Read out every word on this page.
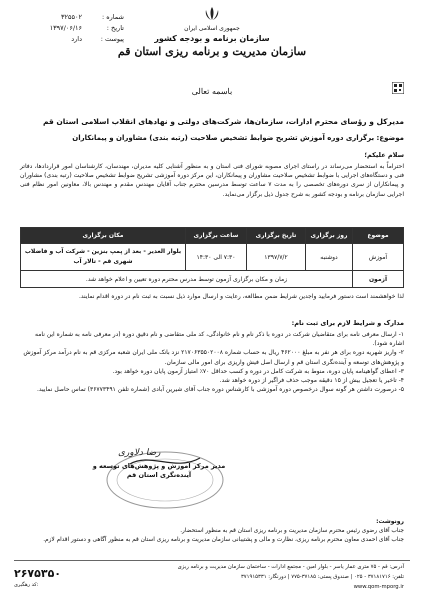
جمهوری اسلامی ایران
سازمان برنامه و بودجه کشور
سازمان مدیریت و برنامه ریزی استان قم
شماره :
۳۲۵۵۰۲
تاریخ :
۱۳۹۷/۰۶/۱۶
پیوست :
دارد
باسمه تعالی
مدیرکل و رؤسای محترم ادارات، سازمان‌ها، شرکت‌های دولتی و نهادهای انقلاب اسلامی استان قم
موضوع: برگزاری دوره آموزش تشریح ضوابط تشخیص صلاحیت (رتبه بندی) مشاوران و پیمانکاران
سلام علیکم؛
احتراماً به استحضار می‌رساند در راستای اجرای مصوبه شورای فنی استان و به منظور آشنایی کلیه مدیران، مهندسان، کارشناسان امور قراردادها، دفاتر فنی و دستگاه‌های اجرایی با ضوابط تشخیص صلاحیت مشاوران و پیمانکاران، این مرکز دوره آموزشی تشریح ضوابط تشخیص صلاحیت (رتبه بندی) مشاوران و پیمانکاران از سری دوره‌های تخصصی را به مدت ۷ ساعت توسط مدرسین محترم جناب آقایان مهندس مقدم و مهندس بالا، معاونین امور نظام فنی اجرایی سازمان برنامه و بودجه کشور به شرح جدول ذیل برگزار می‌نماید.
موضوع	روز برگزاری	تاریخ برگزاری	ساعت برگزاری	مکان برگزاری
آموزش	دوشنبه	۱۳۹۷/۷/۲	۷:۳۰ الی ۱۴:۳۰	بلوار الغدیر - بعد از پمپ بنزین - شرکت آب و فاضلاب شهری قم - تالار آب
آزمون	زمان و مکان برگزاری آزمون توسط مدرس محترم دوره تعیین و اعلام خواهد شد.			
لذا خواهشمند است دستور فرمایید واجدین شرایط ضمن مطالعه، رعایت و ارسال موارد ذیل نسبت به ثبت نام در دوره اقدام نمایند.
مدارک و شرایط لازم برای ثبت نام:
۱- ارسال معرفی نامه برای متقاضیان شرکت در دوره با ذکر نام و نام خانوادگی، کد ملی متقاضی و نام دقیق دوره (در معرفی نامه به شماره این نامه اشاره شود).
۲- واریز شهریه دوره برای هر نفر به مبلغ ۴۶۲۰۰۰ ریال به حساب شماره ۲۱۷۰۶۳۵۵۰۲۰۰۸ نزد بانک ملی ایران شعبه مرکزی قم به نام درآمد مرکز آموزش و پژوهش‌های توسعه و آینده‌نگری استان قم و ارسال اصل فیش واریزی برای امور مالی سازمان.
۳- اعطای گواهینامه پایان دوره، منوط به شرکت کامل در دوره و کسب حداقل ۷۰٪ امتیاز آزمون پایان دوره خواهد بود.
۴- تاخیر یا تعجیل بیش از ۱۵ دقیقه موجب حذف فراگیر از دوره خواهد شد.
۵- درصورت داشتن هر گونه سوال درخصوص دوره آموزشی با کارشناس دوره جناب آقای شیرین آبادی (شماره تلفن ۳۶۷۷۳۴۹۱) تماس حاصل نمایید.
رضا دلاوری
مدیر مرکز آموزش و پژوهش‌های توسعه و آینده‌نگری استان قم
رونوشت:
جناب آقای رضوی رئیس محترم سازمان مدیریت و برنامه ریزی استان قم به منظور استحضار.
جناب آقای احمدی معاون محترم برنامه ریزی، نظارت و مالی و پشتیبانی سازمان مدیریت و برنامه ریزی استان قم به منظور آگاهی و دستور اقدام لازم.
آدرس: قم - ۷۵ متری عمار یاسر - بلوار امین - مجتمع ادارات - ساختمان سازمان مدیریت و برنامه ریزی
تلفن: ۳۷۱۸۱۷۱۶ - ۰۲۵ | صندوق پستی: ۳۷۱۸۵-۷۷۵ | دورنگار: ۳۷۱۹۱۵۳۳۱
www.qom-mporg.ir
۲۶۷۵۳۵۰
کد رهگیری:
